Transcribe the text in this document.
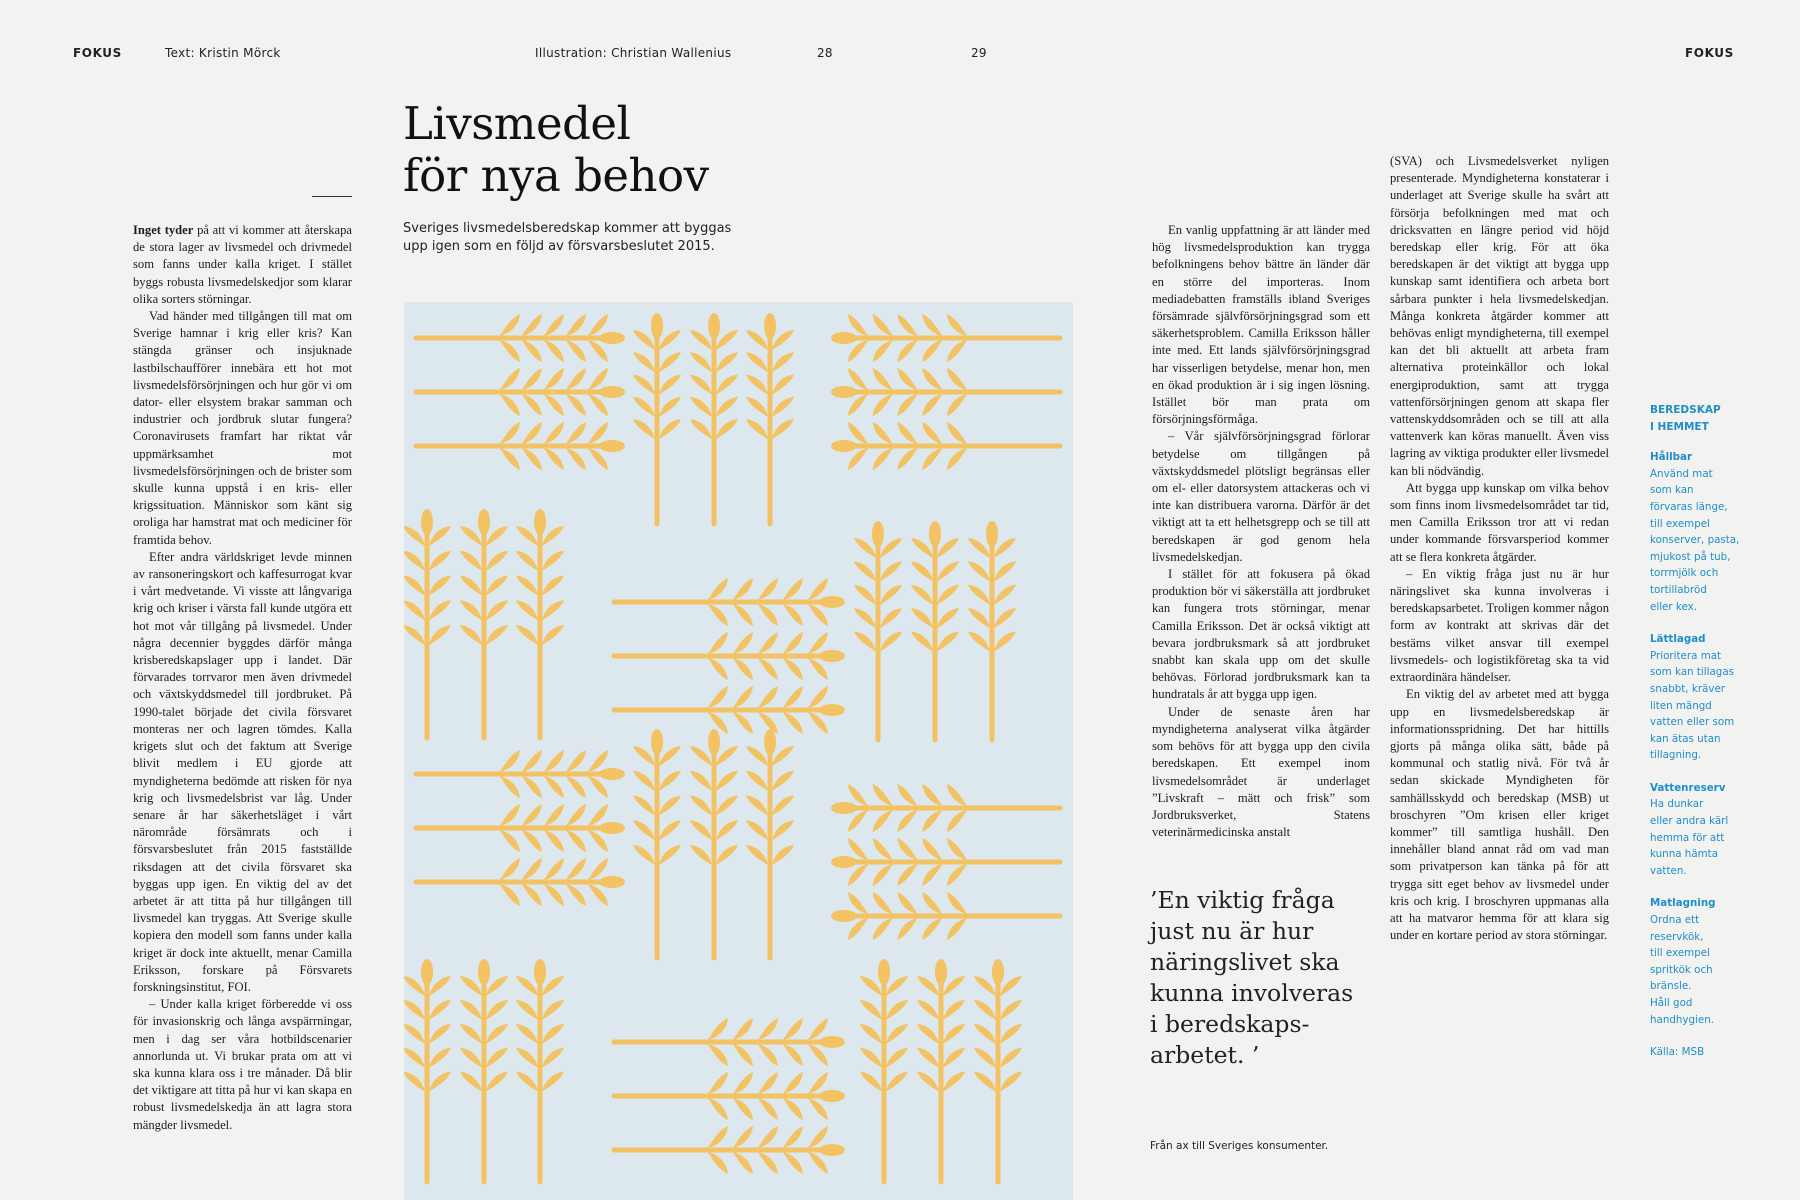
FOKUS	Text: Kristin Mörck	Illustration: Christian Wallenius	28	29	FOKUS

Inget tyder på att vi kommer att återskapa de stora lager av livsmedel och drivmedel som fanns under kalla kriget. I stället byggs robusta livsmedelskedjor som klarar olika sorters störningar.

Vad händer med tillgången till mat om Sverige hamnar i krig eller kris? Kan stängda gränser och insjuknade lastbilschaufförer innebära ett hot mot livsmedelsförsörjningen och hur gör vi om dator- eller elsystem brakar samman och industrier och jordbruk slutar fungera? Coronavirusets framfart har riktat vår uppmärksamhet mot livsmedelsförsörjningen och de brister som skulle kunna uppstå i en kris- eller krigssituation. Människor som känt sig oroliga har hamstrat mat och mediciner för framtida behov.

Efter andra världskriget levde minnen av ransoneringskort och kaffesurrogat kvar i vårt medvetande. Vi visste att långvariga krig och kriser i värsta fall kunde utgöra ett hot mot vår tillgång på livsmedel. Under några decennier byggdes därför många krisberedskapslager upp i landet. Där förvarades torrvaror men även drivmedel och växtskyddsmedel till jordbruket. På 1990-talet började det civila försvaret monteras ner och lagren tömdes. Kalla krigets slut och det faktum att Sverige blivit medlem i EU gjorde att myndigheterna bedömde att risken för nya krig och livsmedelsbrist var låg. Under senare år har säkerhetsläget i vårt närområde försämrats och i försvarsbeslutet från 2015 fastställde riksdagen att det civila försvaret ska byggas upp igen. En viktig del av det arbetet är att titta på hur tillgången till livsmedel kan tryggas. Att Sverige skulle kopiera den modell som fanns under kalla kriget är dock inte aktuellt, menar Camilla Eriksson, forskare på Försvarets forskningsinstitut, FOI.

– Under kalla kriget förberedde vi oss för invasionskrig och långa avspärrningar, men i dag ser våra hotbildscenarier annorlunda ut. Vi brukar prata om att vi ska kunna klara oss i tre månader. Då blir det viktigare att titta på hur vi kan skapa en robust livsmedelskedja än att lagra stora mängder livsmedel.

Livsmedel
för nya behov
Sveriges livsmedelsberedskap kommer att byggas upp igen som en följd av försvarsbeslutet 2015.

En vanlig uppfattning är att länder med hög livsmedelsproduktion kan trygga befolkningens behov bättre än länder där en större del importeras. Inom mediadebatten framställs ibland Sveriges försämrade självförsörjningsgrad som ett säkerhetsproblem. Camilla Eriksson håller inte med. Ett lands självförsörjningsgrad har visserligen betydelse, menar hon, men en ökad produktion är i sig ingen lösning. Istället bör man prata om försörjningsförmåga.

– Vår självförsörjningsgrad förlorar betydelse om tillgången på växtskyddsmedel plötsligt begränsas eller om el- eller datorsystem attackeras och vi inte kan distribuera varorna. Därför är det viktigt att ta ett helhetsgrepp och se till att beredskapen är god genom hela livsmedelskedjan.

I stället för att fokusera på ökad produktion bör vi säkerställa att jordbruket kan fungera trots störningar, menar Camilla Eriksson. Det är också viktigt att bevara jordbruksmark så att jordbruket snabbt kan skala upp om det skulle behövas. Förlorad jordbruksmark kan ta hundratals år att bygga upp igen.

Under de senaste åren har myndigheterna analyserat vilka åtgärder som behövs för att bygga upp den civila beredskapen. Ett exempel inom livsmedelsområdet är underlaget ”Livskraft – mätt och frisk” som Jordbruksverket, Statens veterinärmedicinska anstalt

’En viktig fråga
just nu är hur
näringslivet ska
kunna involveras
i beredskaps-
arbetet. ’
Från ax till Sveriges konsumenter.

(SVA) och Livsmedelsverket nyligen presenterade. Myndigheterna konstaterar i underlaget att Sverige skulle ha svårt att försörja befolkningen med mat och dricksvatten en längre period vid höjd beredskap eller krig. För att öka beredskapen är det viktigt att bygga upp kunskap samt identifiera och arbeta bort sårbara punkter i hela livsmedelskedjan. Många konkreta åtgärder kommer att behövas enligt myndigheterna, till exempel kan det bli aktuellt att arbeta fram alternativa proteinkällor och lokal energiproduktion, samt att trygga vattenförsörjningen genom att skapa fler vattenskyddsområden och se till att alla vattenverk kan köras manuellt. Även viss lagring av viktiga produkter eller livsmedel kan bli nödvändig.

Att bygga upp kunskap om vilka behov som finns inom livsmedelsområdet tar tid, men Camilla Eriksson tror att vi redan under kommande försvarsperiod kommer att se flera konkreta åtgärder.

– En viktig fråga just nu är hur näringslivet ska kunna involveras i beredskapsarbetet. Troligen kommer någon form av kontrakt att skrivas där det bestäms vilket ansvar till exempel livsmedels- och logistikföretag ska ta vid extraordinära händelser.

En viktig del av arbetet med att bygga upp en livsmedelsberedskap är informationsspridning. Det har hittills gjorts på många olika sätt, både på kommunal och statlig nivå. För två år sedan skickade Myndigheten för samhällsskydd och beredskap (MSB) ut broschyren ”Om krisen eller kriget kommer” till samtliga hushåll. Den innehåller bland annat råd om vad man som privatperson kan tänka på för att trygga sitt eget behov av livsmedel under kris och krig. I broschyren uppmanas alla att ha matvaror hemma för att klara sig under en kortare period av stora störningar.

BEREDSKAP
I HEMMET
Hållbar
Använd mat
som kan
förvaras länge,
till exempel
konserver, pasta,
mjukost på tub,
torrmjölk och
tortillabröd
eller kex.
Lättlagad
Prioritera mat
som kan tillagas
snabbt, kräver
liten mängd
vatten eller som
kan ätas utan
tillagning.
Vattenreserv
Ha dunkar
eller andra kärl
hemma för att
kunna hämta
vatten.
Matlagning
Ordna ett
reservkök,
till exempel
spritkök och
bränsle.
Håll god
handhygien.
Källa: MSB
